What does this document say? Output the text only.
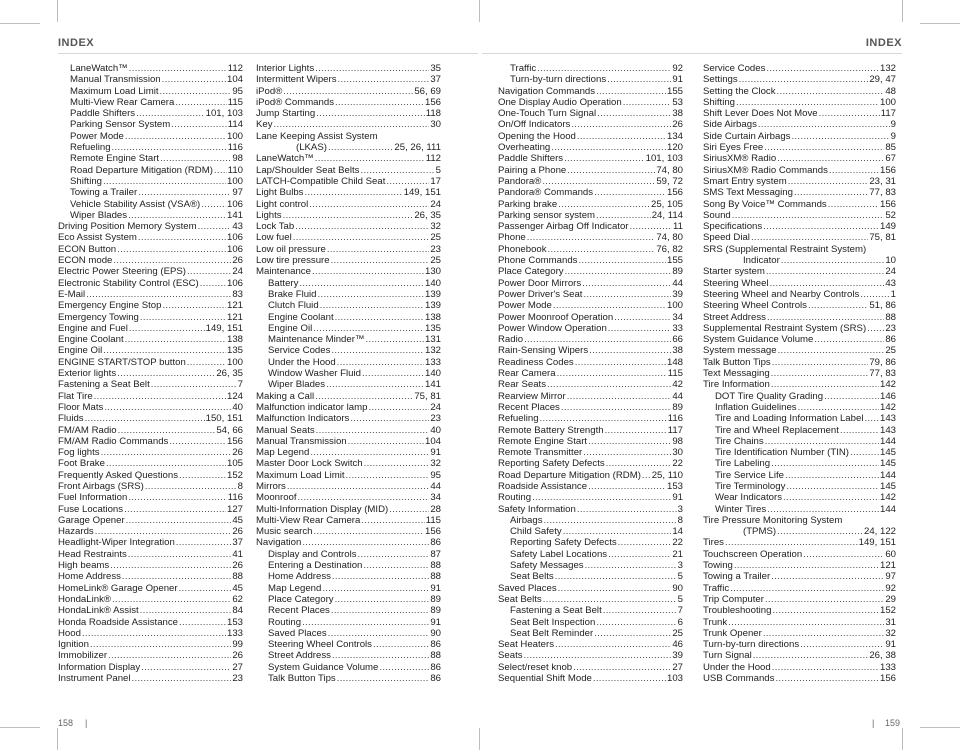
INDEX	INDEX
LaneWatch™ .....	112
Manual Transmission .....	104
Maximum Load Limit .....	95
Multi-View Rear Camera .....	115
Paddle Shifters .....	101, 103
Parking Sensor System .....	114
Power Mode .....	100
Refueling .....	116
Remote Engine Start .....	98
Road Departure Mitigation (RDM) ..... 110
Shifting .....	100
Towing a Trailer .....	97
Vehicle Stability Assist (VSA®) .....	106
Wiper Blades .....	141
Driving Position Memory System .....	43
Eco Assist System .....	106
ECON Button .....	106
ECON mode .....	26
Electric Power Steering (EPS) .....	24
Electronic Stability Control (ESC) .....	106
E-Mail .....	83
Emergency Engine Stop .....	121
Emergency Towing .....	121
Engine and Fuel .....	149, 151
Engine Coolant .....	138
Engine Oil .....	135
ENGINE START/STOP button .....	100
Exterior lights .....	26, 35
Fastening a Seat Belt .....	7
Flat Tire .....	124
Floor Mats .....	40
Fluids .....	150, 151
FM/AM Radio .....	54, 66
FM/AM Radio Commands .....	156
Fog lights .....	26
Foot Brake .....	105
Frequently Asked Questions .....	152
Front Airbags (SRS) .....	8
Fuel Information .....	116
Fuse Locations .....	127
Garage Opener .....	45
Hazards .....	26
Headlight-Wiper Integration .....	37
Head Restraints .....	41
High beams .....	26
Home Address .....	88
HomeLink® Garage Opener .....	45
HondaLink® .....	62
HondaLink® Assist .....	84
Honda Roadside Assistance .....	153
Hood .....	133
Ignition .....	99
Immobilizer .....	26
Information Display .....	27
Instrument Panel .....	23
Interior Lights .....	35
Intermittent Wipers .....	37
iPod® .....	56, 69
iPod® Commands .....	156
Jump Starting .....	118
Key .....	30
Lane Keeping Assist System
(LKAS) .....	25, 26, 111
LaneWatch™ .....	112
Lap/Shoulder Seat Belts .....	5
LATCH-Compatible Child Seat .....	17
Light Bulbs .....	149, 151
Light control .....	24
Lights .....	26, 35
Lock Tab .....	32
Low fuel .....	25
Low oil pressure .....	23
Low tire pressure .....	25
Maintenance .....	130
Battery .....	140
Brake Fluid .....	139
Clutch Fluid .....	139
Engine Coolant .....	138
Engine Oil .....	135
Maintenance Minder™ .....	131
Service Codes .....	132
Under the Hood .....	133
Window Washer Fluid .....	140
Wiper Blades .....	141
Making a Call .....	75, 81
Malfunction indicator lamp .....	24
Malfunction Indicators .....	23
Manual Seats .....	40
Manual Transmission .....	104
Map Legend .....	91
Master Door Lock Switch .....	32
Maximum Load Limit .....	95
Mirrors .....	44
Moonroof .....	34
Multi-Information Display (MID) .....	28
Multi-View Rear Camera .....	115
Music search .....	156
Navigation .....	86
Display and Controls .....	87
Entering a Destination .....	88
Home Address .....	88
Map Legend .....	91
Place Category .....	89
Recent Places .....	89
Routing .....	91
Saved Places .....	90
Steering Wheel Controls .....	86
Street Address .....	88
System Guidance Volume .....	86
Talk Button Tips .....	86
Traffic .....	92
Turn-by-turn directions .....	91
Navigation Commands .....	155
One Display Audio Operation .....	53
One-Touch Turn Signal .....	38
On/Off Indicators .....	26
Opening the Hood .....	134
Overheating .....	120
Paddle Shifters .....	101, 103
Pairing a Phone .....	74, 80
Pandora® .....	59, 72
Pandora® Commands .....	156
Parking brake .....	25, 105
Parking sensor system .....	24, 114
Passenger Airbag Off Indicator .....	11
Phone .....	74, 80
Phonebook .....	76, 82
Phone Commands .....	155
Place Category .....	89
Power Door Mirrors .....	44
Power Driver's Seat .....	39
Power Mode .....	100
Power Moonroof Operation .....	34
Power Window Operation .....	33
Radio .....	66
Rain-Sensing Wipers .....	38
Readiness Codes .....	148
Rear Camera .....	115
Rear Seats .....	42
Rearview Mirror .....	44
Recent Places .....	89
Refueling .....	116
Remote Battery Strength .....	117
Remote Engine Start .....	98
Remote Transmitter .....	30
Reporting Safety Defects .....	22
Road Departure Mitigation (RDM) ..... 25, 110
Roadside Assistance .....	153
Routing .....	91
Safety Information .....	3
Airbags .....	8
Child Safety .....	14
Reporting Safety Defects .....	22
Safety Label Locations .....	21
Safety Messages .....	3
Seat Belts .....	5
Saved Places .....	90
Seat Belts .....	5
Fastening a Seat Belt .....	7
Seat Belt Inspection .....	6
Seat Belt Reminder .....	25
Seat Heaters .....	46
Seats .....	39
Select/reset knob .....	27
Sequential Shift Mode .....	103
Service Codes .....	132
Settings .....	29, 47
Setting the Clock .....	48
Shifting .....	100
Shift Lever Does Not Move .....	117
Side Airbags .....	9
Side Curtain Airbags .....	9
Siri Eyes Free .....	85
SiriusXM® Radio .....	67
SiriusXM® Radio Commands .....	156
Smart Entry system .....	23, 31
SMS Text Messaging .....	77, 83
Song By Voice™ Commands .....	156
Sound .....	52
Specifications .....	149
Speed Dial .....	75, 81
SRS (Supplemental Restraint System)
Indicator .....	10
Starter system .....	24
Steering Wheel .....	43
Steering Wheel and Nearby Controls .....	1
Steering Wheel Controls .....	51, 86
Street Address .....	88
Supplemental Restraint System (SRS) ..... 23
System Guidance Volume .....	86
System message .....	25
Talk Button Tips .....	79, 86
Text Messaging .....	77, 83
Tire Information .....	142
DOT Tire Quality Grading .....	146
Inflation Guidelines .....	142
Tire and Loading Information Label ..... 143
Tire and Wheel Replacement .....	143
Tire Chains .....	144
Tire Identification Number (TIN) .....	145
Tire Labeling .....	145
Tire Service Life .....	144
Tire Terminology .....	145
Wear Indicators .....	142
Winter Tires .....	144
Tire Pressure Monitoring System
(TPMS) .....	24, 122
Tires .....	149, 151
Touchscreen Operation .....	60
Towing .....	121
Towing a Trailer .....	97
Traffic .....	92
Trip Computer .....	29
Troubleshooting .....	152
Trunk .....	31
Trunk Opener .....	32
Turn-by-turn directions .....	91
Turn Signal .....	26, 38
Under the Hood .....	133
USB Commands .....	156
158 |	| 159
